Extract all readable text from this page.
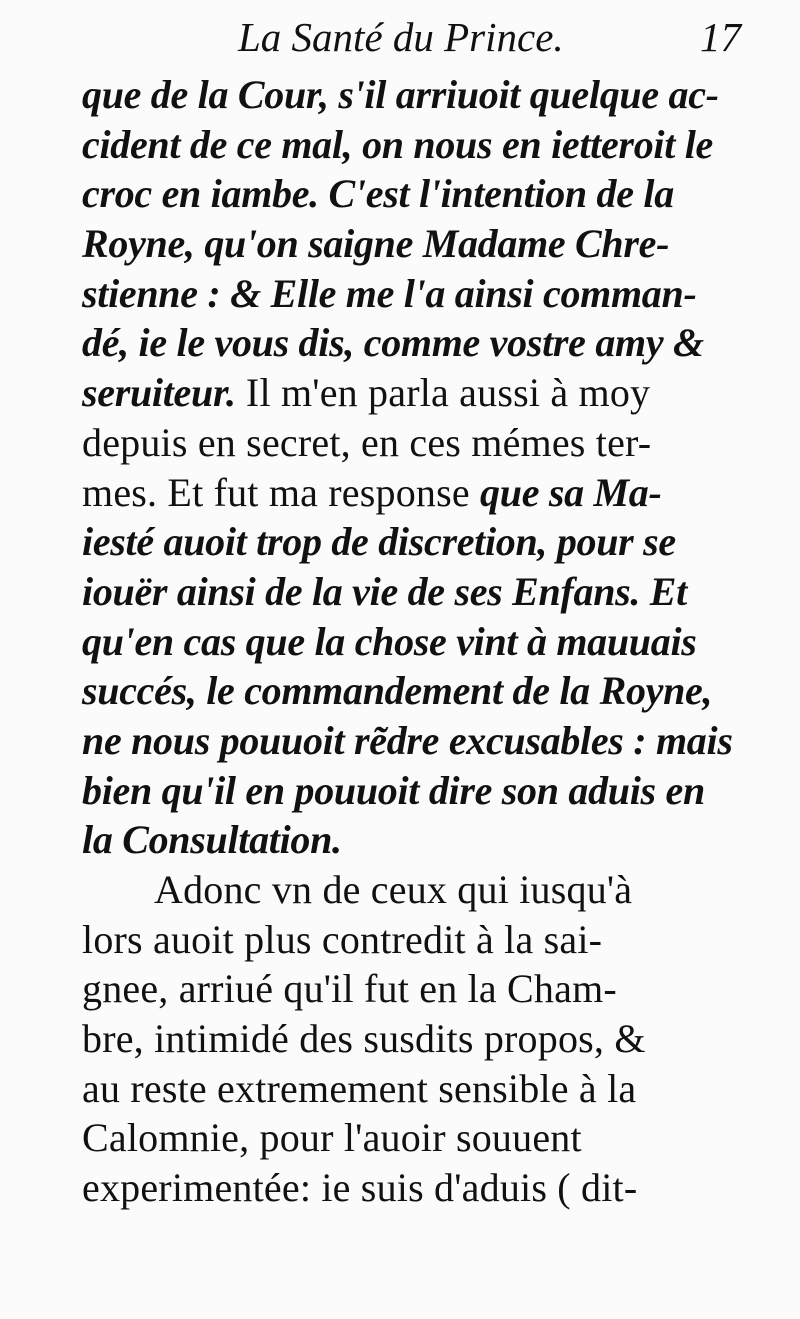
La Santé du Prince.	17
que de la Cour, s'il arriuoit quelque ac-
cident de ce mal, on nous en ietteroit le
croc en iambe. C'est l'intention de la
Royne, qu'on saigne Madame Chre-
stienne : & Elle me l'a ainsi comman-
dé, ie le vous dis, comme vostre amy &
seruiteur. Il m'en parla aussi à moy
depuis en secret, en ces mémes ter-
mes. Et fut ma response que sa Ma-
iesté auoit trop de discretion, pour se
iouër ainsi de la vie de ses Enfans. Et
qu'en cas que la chose vint à mauuais
succés, le commandement de la Royne,
ne nous pouuoit rẽdre excusables : mais
bien qu'il en pouuoit dire son aduis en
la Consultation.
Adonc vn de ceux qui iusqu'à
lors auoit plus contredit à la sai-
gnee, arriué qu'il fut en la Cham-
bre, intimidé des susdits propos, &
au reste extremement sensible à la
Calomnie, pour l'auoir souuent
experimentée: ie suis d'aduis ( dit-
